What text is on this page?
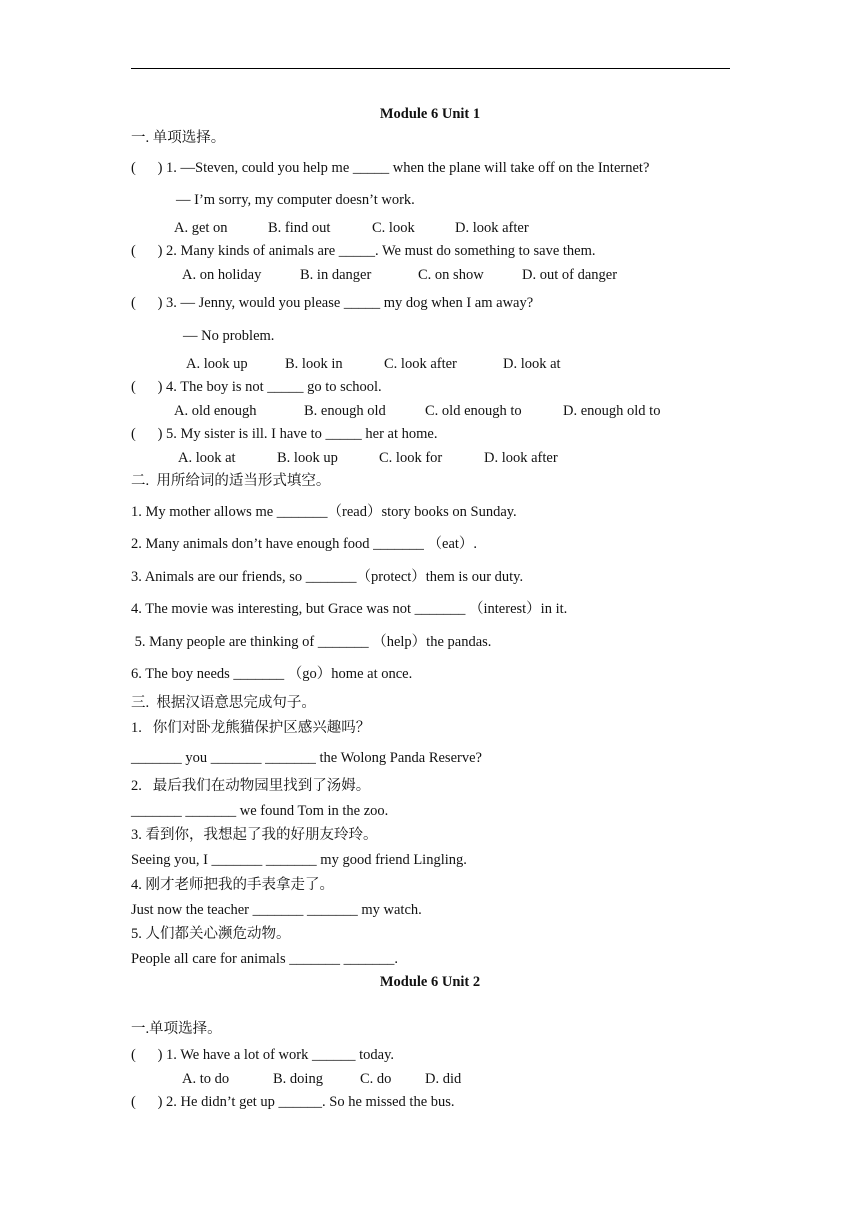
Module 6 Unit 1
一. 单项选择。
(      ) 1. —Steven, could you help me _____ when the plane will take off on the Internet?
— I’m sorry, my computer doesn’t work.
A. get on	B. find out	C. look	D. look after
(      ) 2. Many kinds of animals are _____. We must do something to save them.
A. on holiday	B. in danger	C. on show	D. out of danger
(      ) 3. — Jenny, would you please _____ my dog when I am away?
— No problem.
A. look up	B. look in	C. look after	D. look at
(      ) 4. The boy is not _____ go to school.
A. old enough	B. enough old	C. old enough to	D. enough old to
(      ) 5. My sister is ill. I have to _____ her at home.
A. look at	B. look up	C. look for	D. look after
二.  用所给词的适当形式填空。
1. My mother allows me _______（read）story books on Sunday.
2. Many animals don’t have enough food _______ （eat）.
3. Animals are our friends, so _______（protect）them is our duty.
4. The movie was interesting, but Grace was not _______ （interest）in it.
5. Many people are thinking of _______ （help）the pandas.
6. The boy needs _______ （go）home at once.
三.  根据汉语意思完成句子。
1.   你们对卧龙熊猫保护区感兴趣吗？
_______ you _______ _______ the Wolong Panda Reserve?
2.   最后我们在动物园里找到了汤姆。
_______ _______ we found Tom in the zoo.
3. 看到你，我想起了我的好朋友玲玲。
Seeing you, I _______ _______ my good friend Lingling.
4. 刚才老师把我的手表拿走了。
Just now the teacher _______ _______ my watch.
5. 人们都关心濒危动物。
People all care for animals _______ _______.
Module 6 Unit 2
一.单项选择。
(      ) 1. We have a lot of work ______ today.
A. to do	B. doing	C. do D. did
(      ) 2. He didn’t get up ______. So he missed the bus.
